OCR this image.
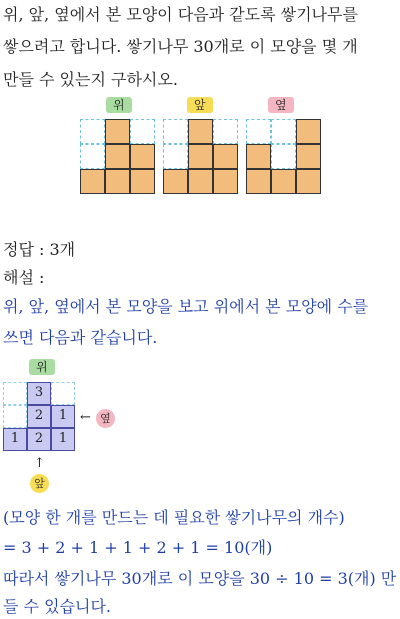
위, 앞, 옆에서 본 모양이 다음과 같도록 쌓기나무를
쌓으려고 합니다. 쌓기나무 30개로 이 모양을 몇 개
만들 수 있는지 구하시오.
위	앞	옆
정답 : 3개
해설 :
위, 앞, 옆에서 본 모양을 보고 위에서 본 모양에 수를
쓰면 다음과 같습니다.
위
3
2	1
1	2	1
← 옆
↑
앞
(모양 한 개를 만드는 데 필요한 쌓기나무의 개수)
= 3 + 2 + 1 + 1 + 2 + 1 = 10(개)
따라서 쌓기나무 30개로 이 모양을 30 ÷ 10 = 3(개) 만
들 수 있습니다.
